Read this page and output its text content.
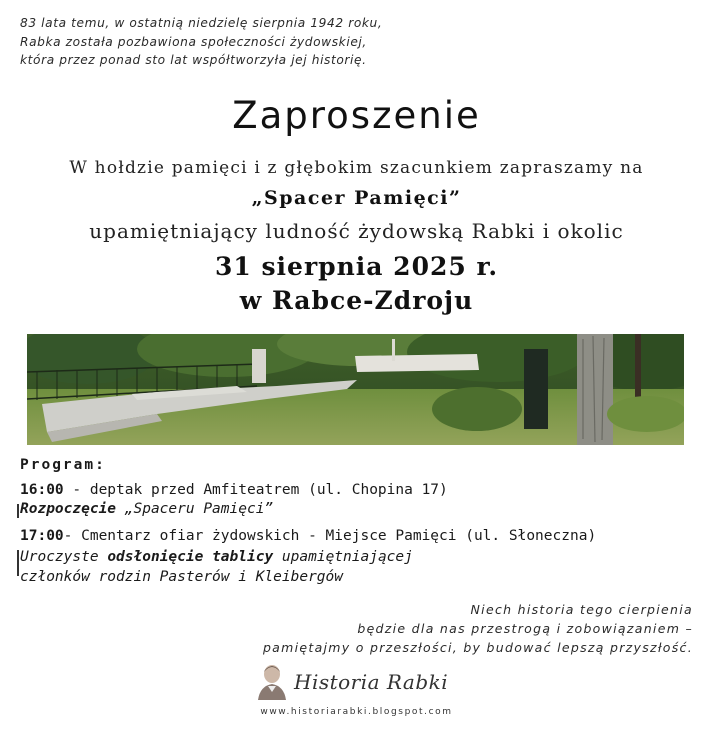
83 lata temu, w ostatnią niedzielę sierpnia 1942 roku,
Rabka została pozbawiona społeczności żydowskiej,
która przez ponad sto lat współtworzyła jej historię.
Zaproszenie
W hołdzie pamięci i z głębokim szacunkiem zapraszamy na
„Spacer Pamięci”
upamiętniający ludność żydowską Rabki i okolic
31 sierpnia 2025 r.
w Rabce-Zdroju
Program:
16:00 - deptak przed Amfiteatrem (ul. Chopina 17)
Rozpoczęcie „Spaceru Pamięci”
17:00- Cmentarz ofiar żydowskich - Miejsce Pamięci (ul. Słoneczna)
Uroczyste odsłonięcie tablicy upamiętniającej
członków rodzin Pasterów i Kleibergów
Niech historia tego cierpienia
będzie dla nas przestrogą i zobowiązaniem –
pamiętajmy o przeszłości, by budować lepszą przyszłość.
Historia Rabki
www.historiarabki.blogspot.com
